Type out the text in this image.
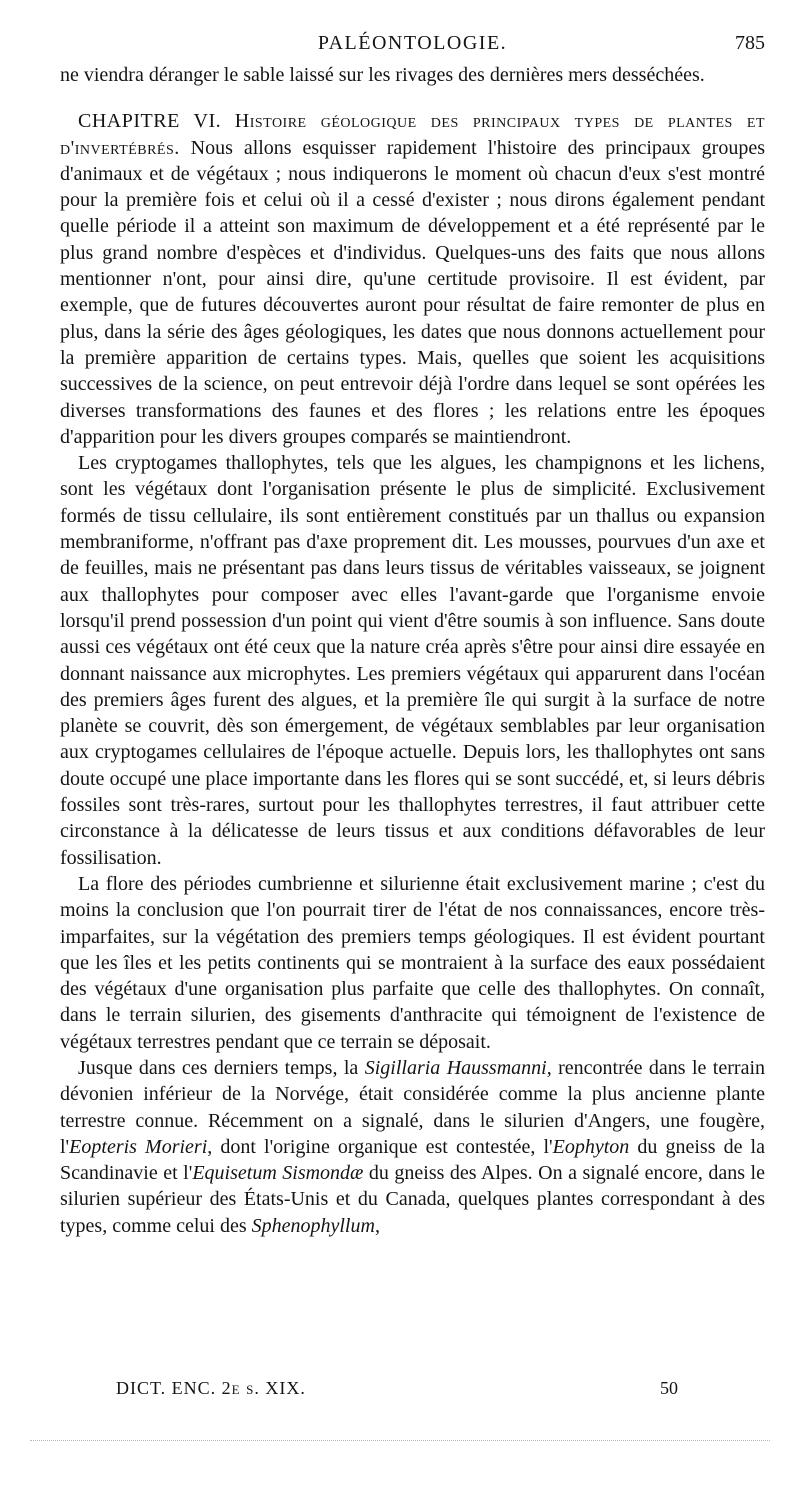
PALÉONTOLOGIE.	785

ne viendra déranger le sable laissé sur les rivages des dernières mers desséchées.

CHAPITRE VI. Histoire géologique des principaux types de plantes et d'invertébrés. Nous allons esquisser rapidement l'histoire des principaux groupes d'animaux et de végétaux ; nous indiquerons le moment où chacun d'eux s'est montré pour la première fois et celui où il a cessé d'exister ; nous dirons également pendant quelle période il a atteint son maximum de développement et a été représenté par le plus grand nombre d'espèces et d'individus. Quelques-uns des faits que nous allons mentionner n'ont, pour ainsi dire, qu'une certitude provisoire. Il est évident, par exemple, que de futures découvertes auront pour résultat de faire remonter de plus en plus, dans la série des âges géologiques, les dates que nous donnons actuellement pour la première apparition de certains types. Mais, quelles que soient les acquisitions successives de la science, on peut entrevoir déjà l'ordre dans lequel se sont opérées les diverses transformations des faunes et des flores ; les relations entre les époques d'apparition pour les divers groupes comparés se maintiendront.

Les cryptogames thallophytes, tels que les algues, les champignons et les lichens, sont les végétaux dont l'organisation présente le plus de simplicité. Exclusivement formés de tissu cellulaire, ils sont entièrement constitués par un thallus ou expansion membraniforme, n'offrant pas d'axe proprement dit. Les mousses, pourvues d'un axe et de feuilles, mais ne présentant pas dans leurs tissus de véritables vaisseaux, se joignent aux thallophytes pour composer avec elles l'avant-garde que l'organisme envoie lorsqu'il prend possession d'un point qui vient d'être soumis à son influence. Sans doute aussi ces végétaux ont été ceux que la nature créa après s'être pour ainsi dire essayée en donnant naissance aux microphytes. Les premiers végétaux qui apparurent dans l'océan des premiers âges furent des algues, et la première île qui surgit à la surface de notre planète se couvrit, dès son émergement, de végétaux semblables par leur organisation aux cryptogames cellulaires de l'époque actuelle. Depuis lors, les thallophytes ont sans doute occupé une place importante dans les flores qui se sont succédé, et, si leurs débris fossiles sont très-rares, surtout pour les thallophytes terrestres, il faut attribuer cette circonstance à la délicatesse de leurs tissus et aux conditions défavorables de leur fossilisation.

La flore des périodes cumbrienne et silurienne était exclusivement marine ; c'est du moins la conclusion que l'on pourrait tirer de l'état de nos connaissances, encore très-imparfaites, sur la végétation des premiers temps géologiques. Il est évident pourtant que les îles et les petits continents qui se montraient à la surface des eaux possédaient des végétaux d'une organisation plus parfaite que celle des thallophytes. On connaît, dans le terrain silurien, des gisements d'anthracite qui témoignent de l'existence de végétaux terrestres pendant que ce terrain se déposait.

Jusque dans ces derniers temps, la Sigillaria Haussmanni, rencontrée dans le terrain dévonien inférieur de la Norvége, était considérée comme la plus ancienne plante terrestre connue. Récemment on a signalé, dans le silurien d'Angers, une fougère, l'Eopteris Morieri, dont l'origine organique est contestée, l'Eophyton du gneiss de la Scandinavie et l'Equisetum Sismondæ du gneiss des Alpes. On a signalé encore, dans le silurien supérieur des États-Unis et du Canada, quelques plantes correspondant à des types, comme celui des Sphenophyllum,

DICT. ENC. 2e s. XIX.	50
